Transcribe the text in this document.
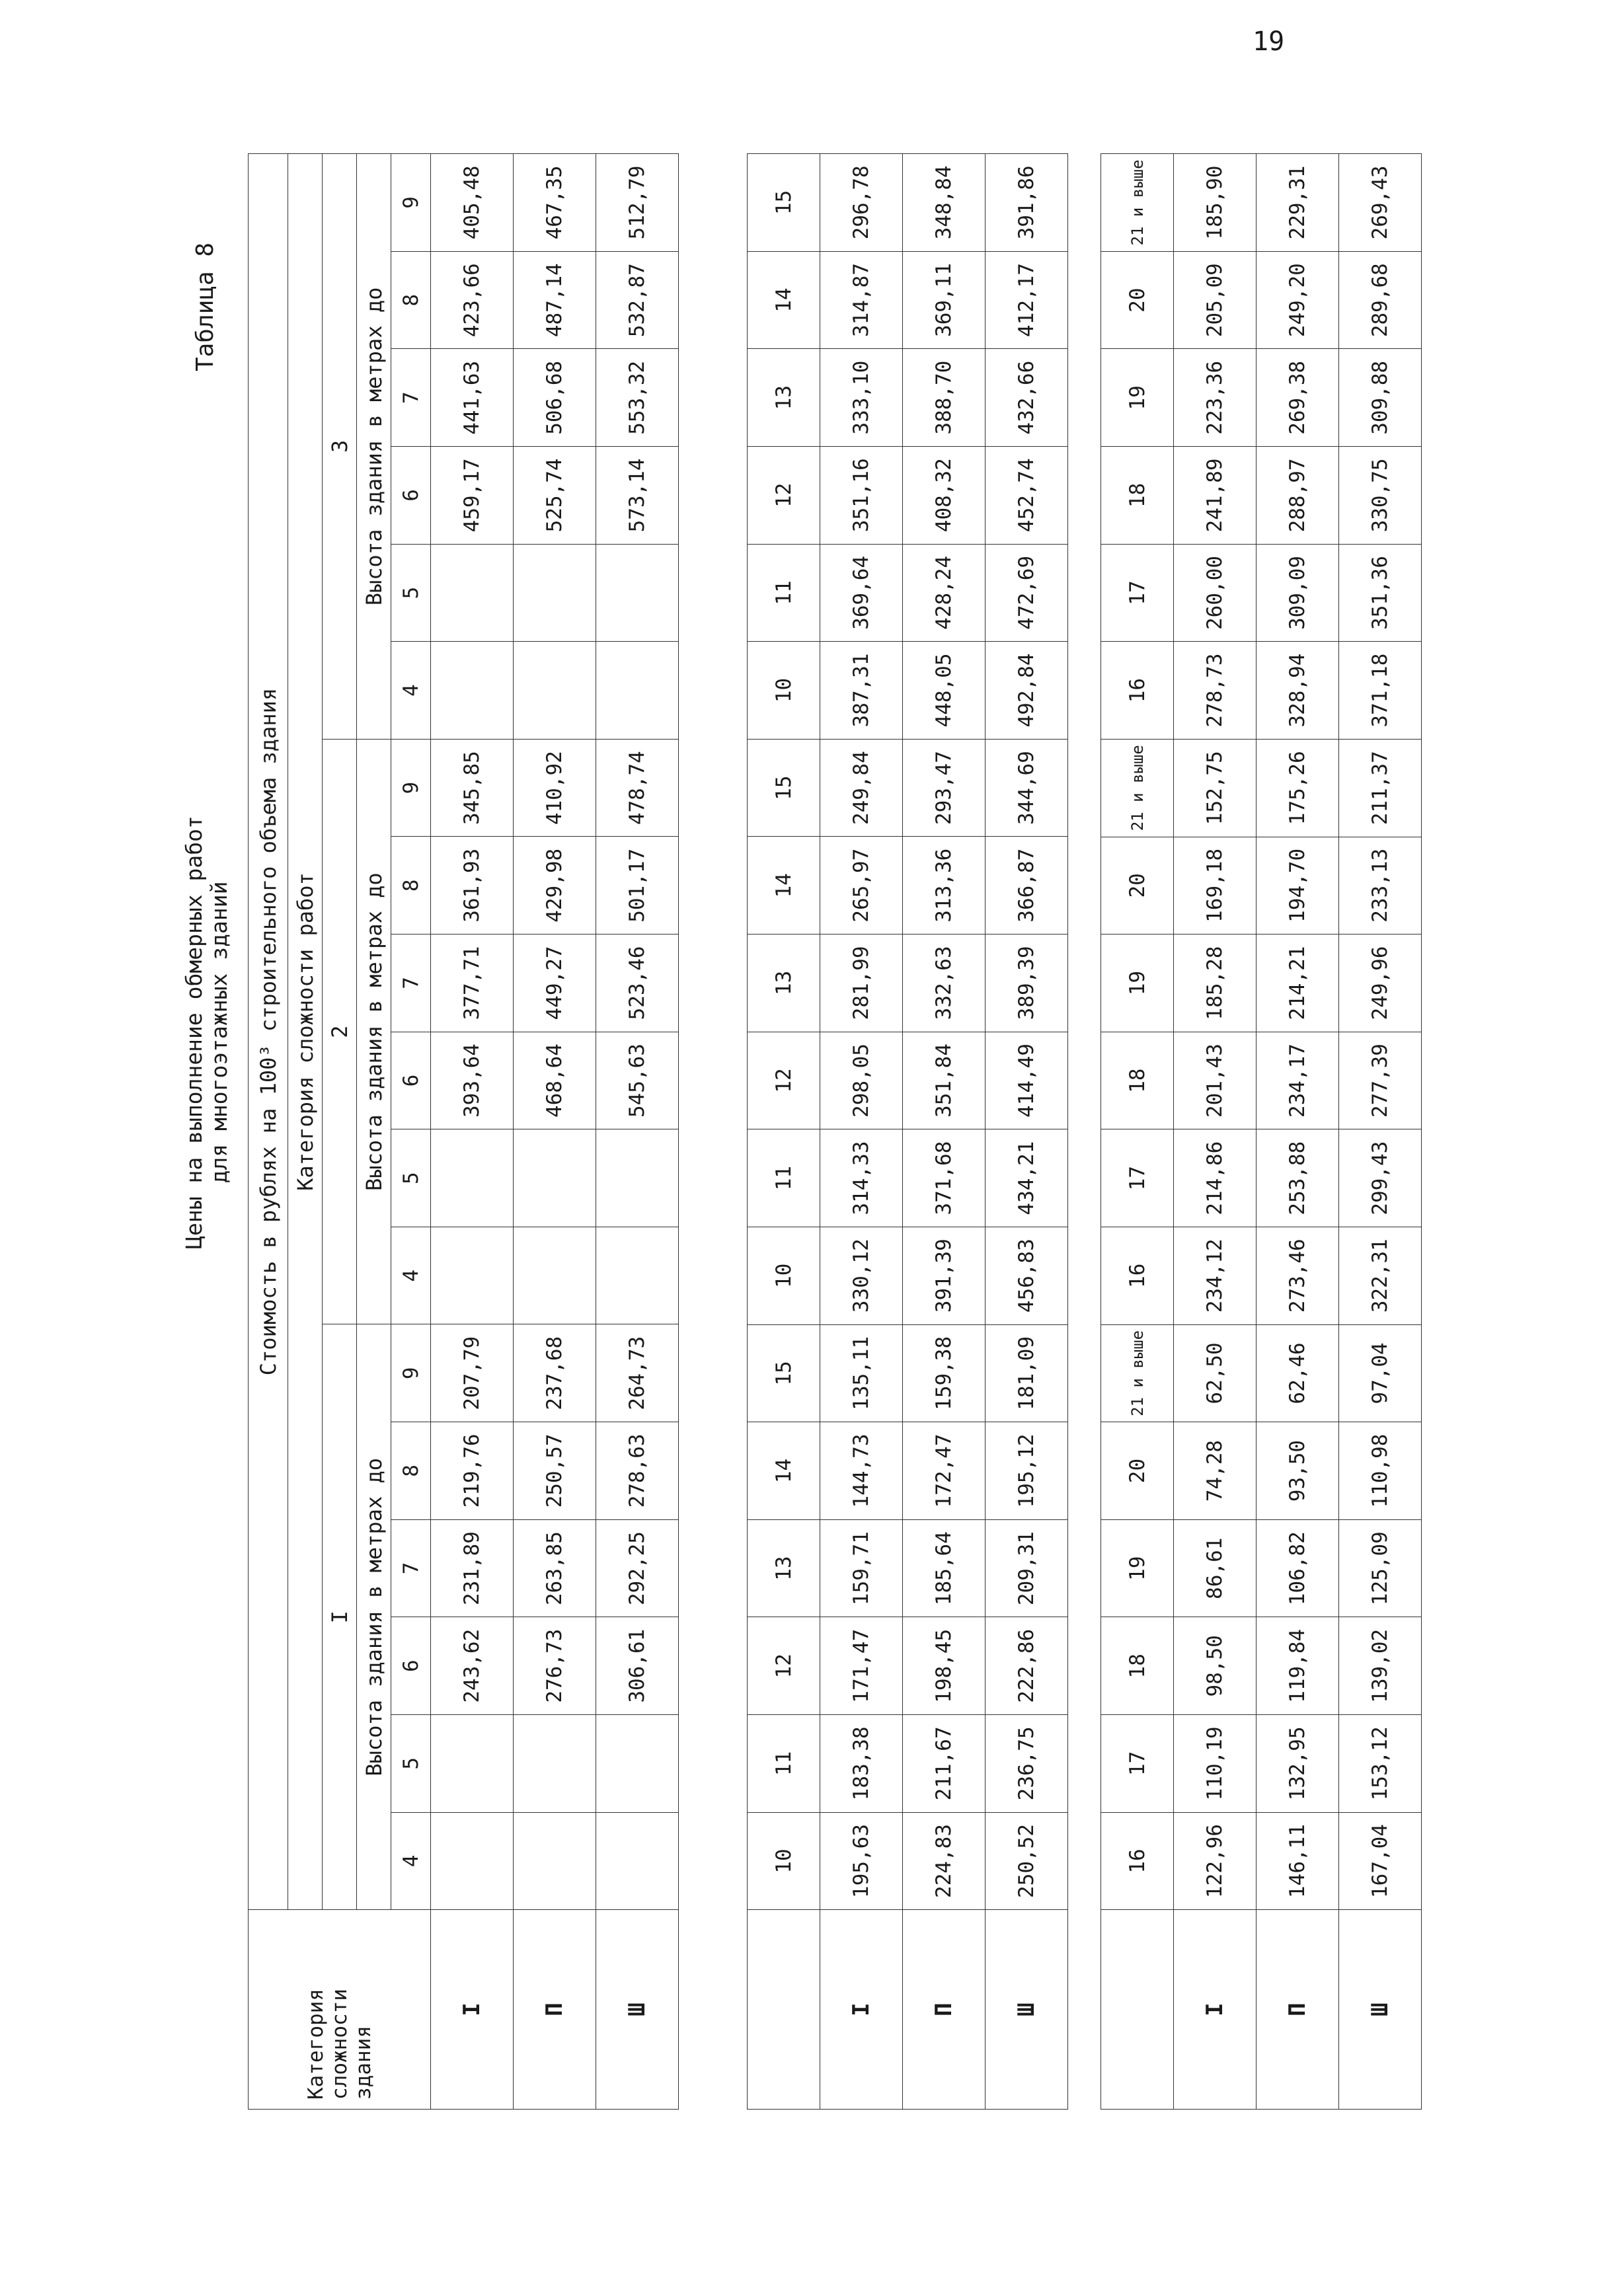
19
Цены на выполнение обмерных работ для многоэтажных зданий
Таблица 8
Категория сложности здания	Стоимость в рублях на 100³ строительного объема здания																	
	Категория сложности работ																	
	I						2						3					
	Высота здания в метрах до						Высота здания в метрах до						Высота здания в метрах до					
	4	5	6	7	8	9	4	5	6	7	8	9	4	5	6	7	8	9
I			243,62	231,89	219,76	207,79			393,64	377,71	361,93	345,85			459,17	441,63	423,66	405,48
П			276,73	263,85	250,57	237,68			468,64	449,27	429,98	410,92			525,74	506,68	487,14	467,35
Ш			306,61	292,25	278,63	264,73			545,63	523,46	501,17	478,74			573,14	553,32	532,87	512,79
	10	11	12	13	14	15	10	11	12	13	14	15	10	11	12	13	14	15
I	195,63	183,38	171,47	159,71	144,73	135,11	330,12	314,33	298,05	281,99	265,97	249,84	387,31	369,64	351,16	333,10	314,87	296,78
П	224,83	211,67	198,45	185,64	172,47	159,38	391,39	371,68	351,84	332,63	313,36	293,47	448,05	428,24	408,32	388,70	369,11	348,84
Ш	250,52	236,75	222,86	209,31	195,12	181,09	456,83	434,21	414,49	389,39	366,87	344,69	492,84	472,69	452,74	432,66	412,17	391,86
	16	17	18	19	20	21 и выше	16	17	18	19	20	21 и выше	16	17	18	19	20	21 и выше
I	122,96	110,19	98,50	86,61	74,28	62,50	234,12	214,86	201,43	185,28	169,18	152,75	278,73	260,00	241,89	223,36	205,09	185,90
П	146,11	132,95	119,84	106,82	93,50	62,46	273,46	253,88	234,17	214,21	194,70	175,26	328,94	309,09	288,97	269,38	249,20	229,31
Ш	167,04	153,12	139,02	125,09	110,98	97,04	322,31	299,43	277,39	249,96	233,13	211,37	371,18	351,36	330,75	309,88	289,68	269,43
